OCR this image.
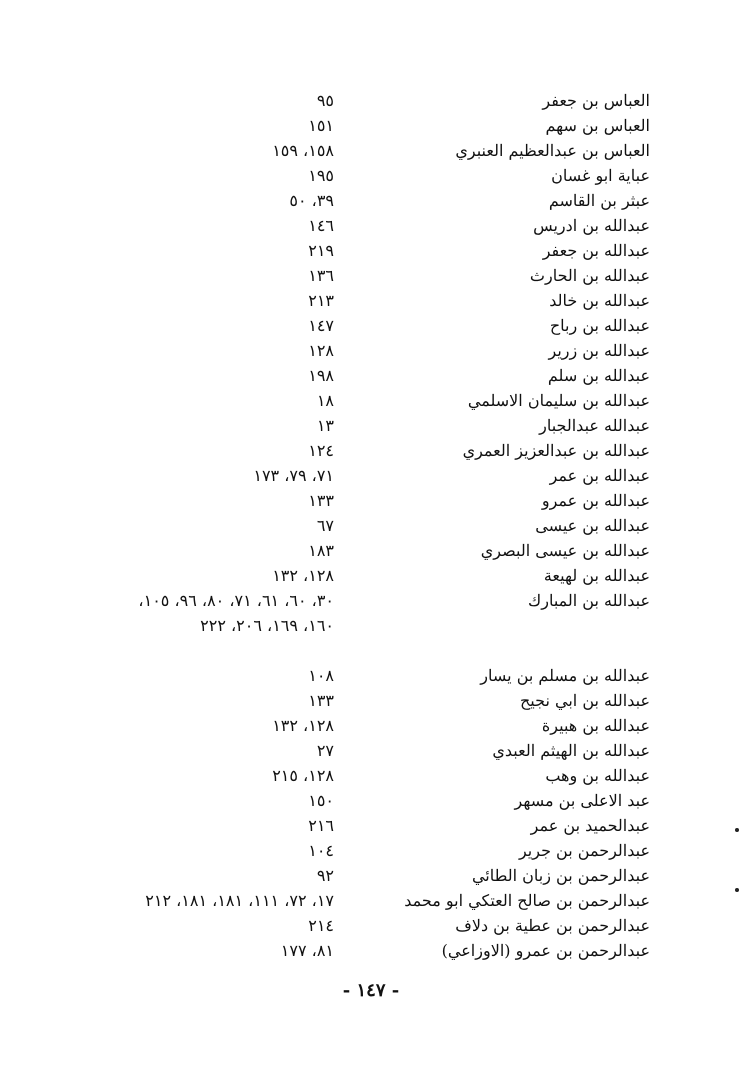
العباس بن جعفر
٩٥
العباس بن سهم
١٥١
العباس بن عبدالعظيم العنبري
١٥٨، ١٥٩
عباية ابو غسان
١٩٥
عبثر بن القاسم
٣٩، ٥٠
عبدالله بن ادريس
١٤٦
عبدالله بن جعفر
٢١٩
عبدالله بن الحارث
١٣٦
عبدالله بن خالد
٢١٣
عبدالله بن رباح
١٤٧
عبدالله بن زرير
١٢٨
عبدالله بن سلم
١٩٨
عبدالله بن سليمان الاسلمي
١٨
عبدالله عبدالجبار
١٣
عبدالله بن عبدالعزيز العمري
١٢٤
عبدالله بن عمر
٧١، ٧٩، ١٧٣
عبدالله بن عمرو
١٣٣
عبدالله بن عيسى
٦٧
عبدالله بن عيسى البصري
١٨٣
عبدالله بن لهيعة
١٢٨، ١٣٢
عبدالله بن المبارك
٣٠، ٦٠، ٦١، ٧١، ٨٠، ٩٦، ١٠٥،
١٦٠، ١٦٩، ٢٠٦، ٢٢٢
عبدالله بن مسلم بن يسار
١٠٨
عبدالله بن ابي نجيح
١٣٣
عبدالله بن هبيرة
١٢٨، ١٣٢
عبدالله بن الهيثم العبدي
٢٧
عبدالله بن وهب
١٢٨، ٢١٥
عبد الاعلى بن مسهر
١٥٠
عبدالحميد بن عمر
٢١٦
عبدالرحمن بن جرير
١٠٤
عبدالرحمن بن زبان الطائي
٩٢
عبدالرحمن بن صالح العتكي ابو محمد
١٧، ٧٢، ١١١، ١٨١، ١٨١، ٢١٢
عبدالرحمن بن عطية بن دلاف
٢١٤
عبدالرحمن بن عمرو (الاوزاعي)
٨١، ١٧٧
- ١٤٧ -
